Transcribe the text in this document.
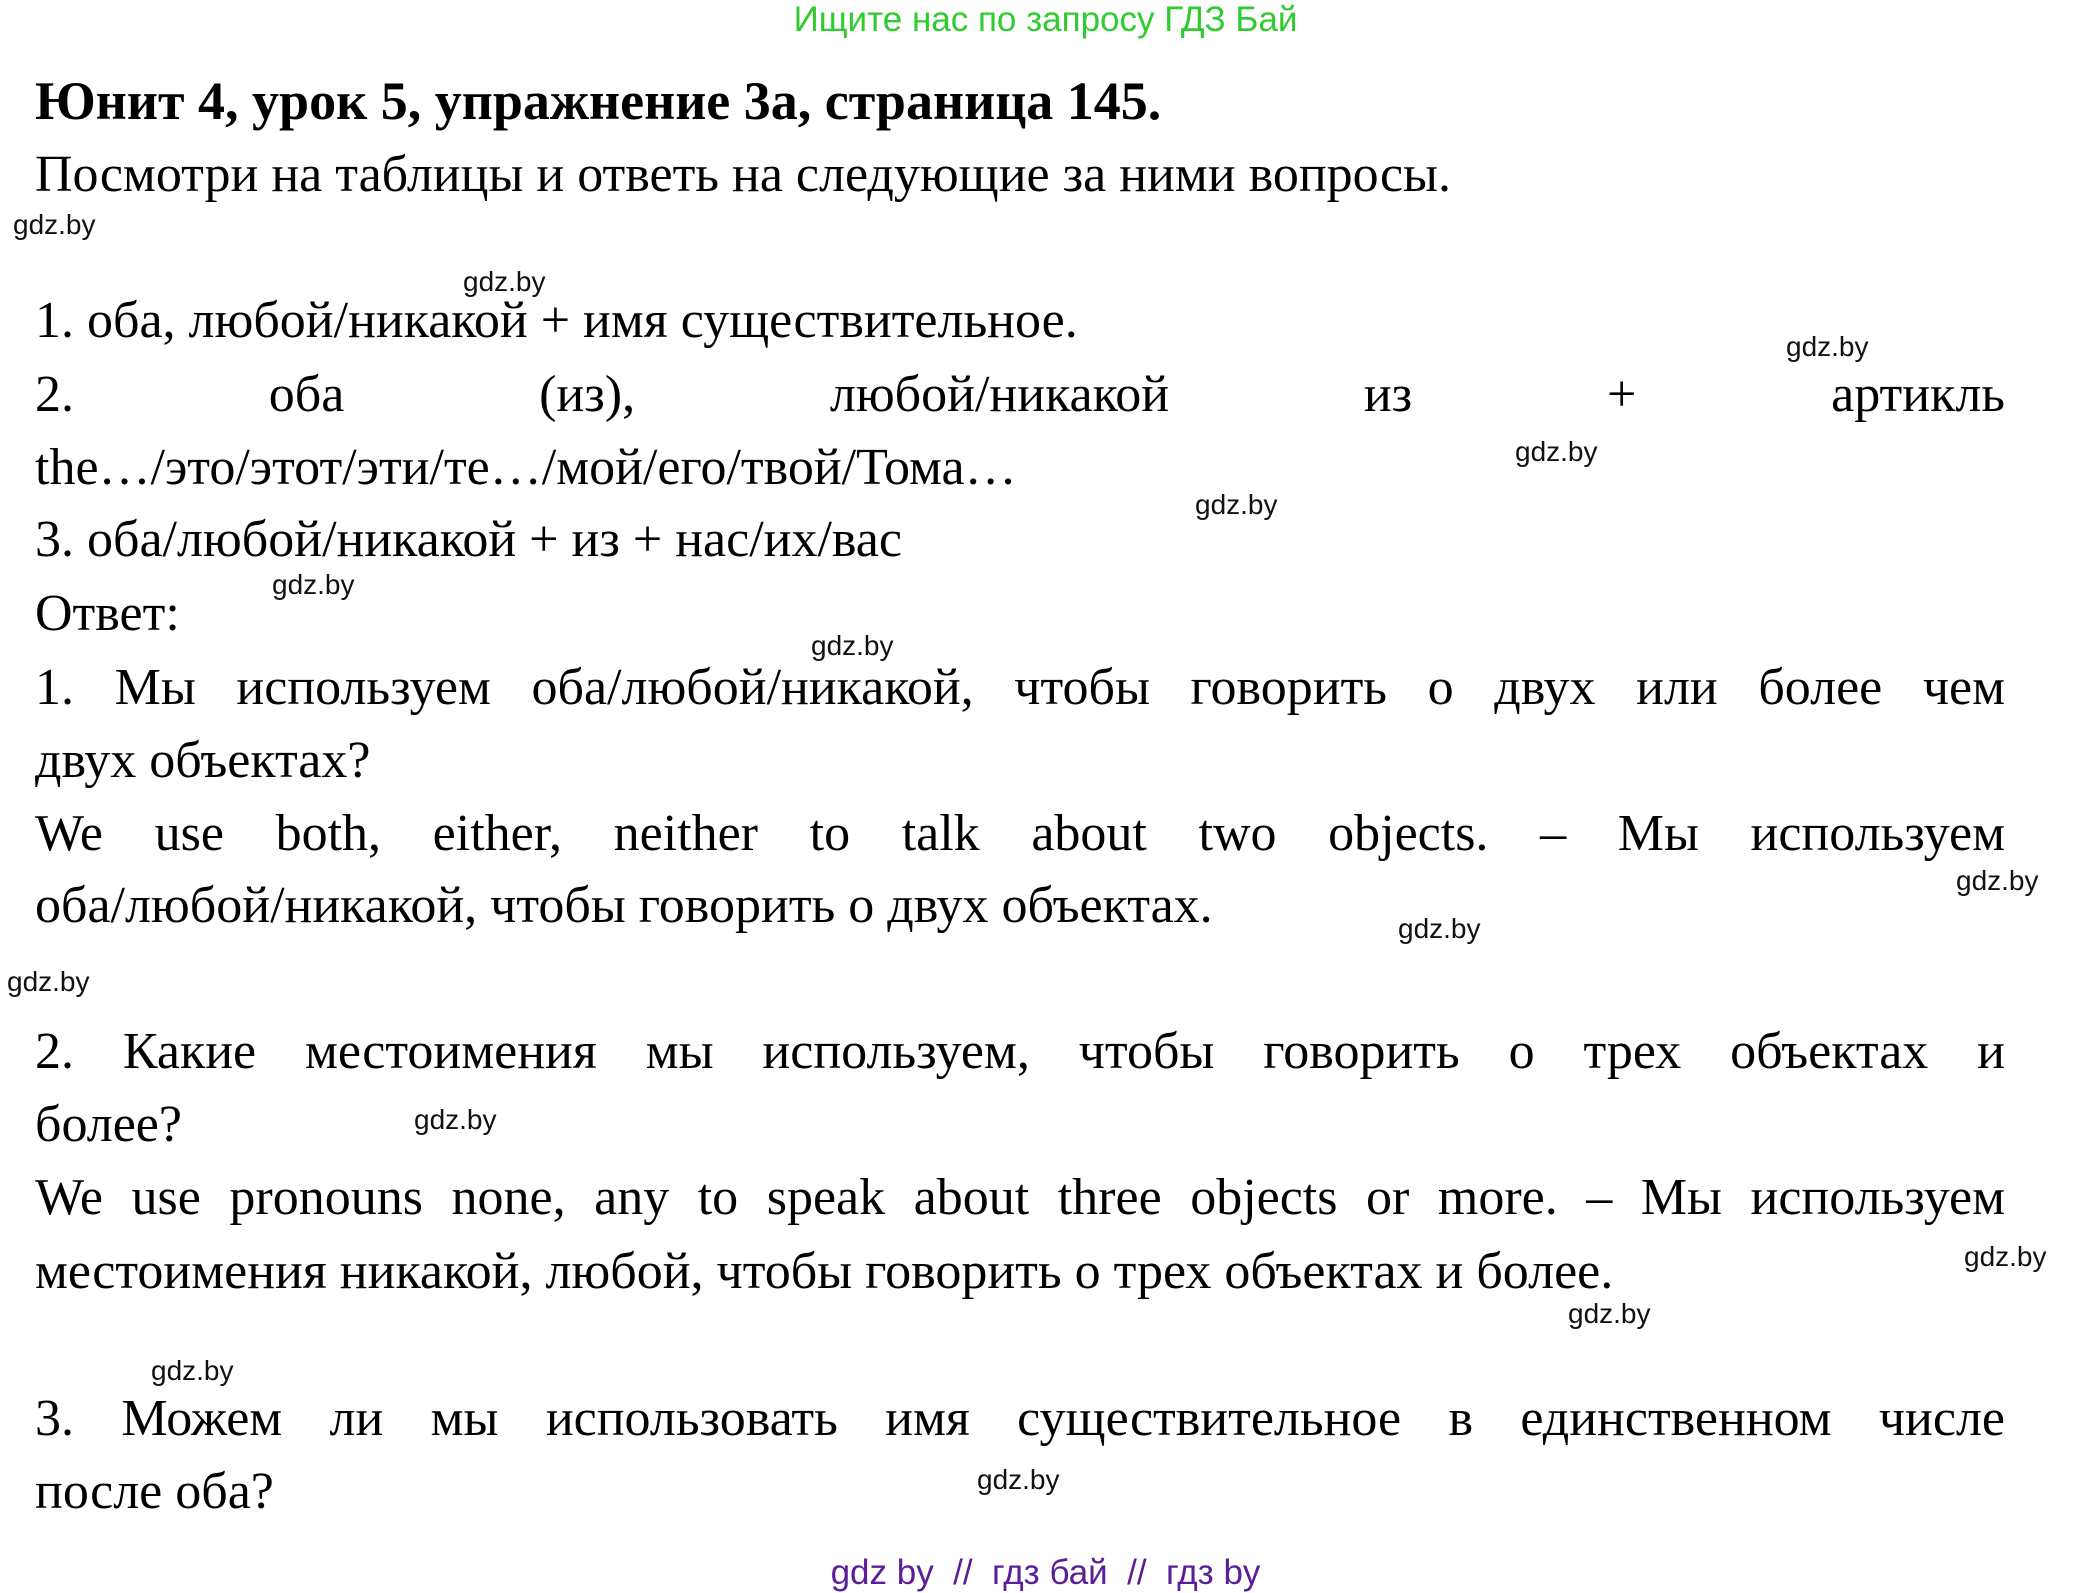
Ищите нас по запросу ГДЗ Бай
Юнит 4, урок 5, упражнение 3а, страница 145.
Посмотри на таблицы и ответь на следующие за ними вопросы.
1. оба, любой/никакой + имя существительное.
2. оба (из), любой/никакой из + артикль
the…/это/этот/эти/те…/мой/его/твой/Тома…
3. оба/любой/никакой + из + нас/их/вас
Ответ:
1. Мы используем оба/любой/никакой, чтобы говорить о двух или более чем
двух объектах?
We use both, either, neither to talk about two objects. – Мы используем
оба/любой/никакой, чтобы говорить о двух объектах.
2. Какие местоимения мы используем, чтобы говорить о трех объектах и
более?
We use pronouns none, any to speak about three objects or more. – Мы используем
местоимения никакой, любой, чтобы говорить о трех объектах и более.
3. Можем ли мы использовать имя существительное в единственном числе
после оба?
gdz.by
gdz.by
gdz.by
gdz.by
gdz.by
gdz.by
gdz.by
gdz.by
gdz.by
gdz.by
gdz.by
gdz.by
gdz.by
gdz.by
gdz.by
gdz by  //  гдз бай  //  гдз by
